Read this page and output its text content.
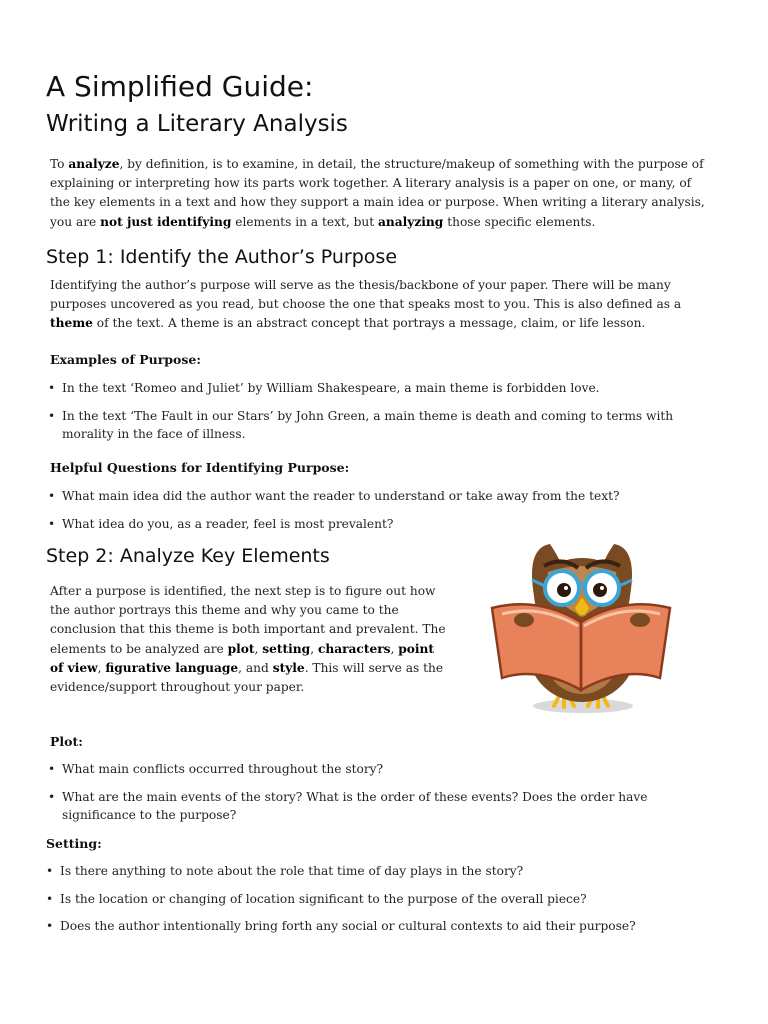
A Simplified Guide:
Writing a Literary Analysis

To analyze, by definition, is to examine, in detail, the structure/makeup of something with the purpose of explaining or interpreting how its parts work together. A literary analysis is a paper on one, or many, of the key elements in a text and how they support a main idea or purpose. When writing a literary analysis, you are not just identifying elements in a text, but analyzing those specific elements.

Step 1: Identify the Author’s Purpose

Identifying the author’s purpose will serve as the thesis/backbone of your paper. There will be many purposes uncovered as you read, but choose the one that speaks most to you. This is also defined as a theme of the text. A theme is an abstract concept that portrays a message, claim, or life lesson.

Examples of Purpose:
• In the text ‘Romeo and Juliet’ by William Shakespeare, a main theme is forbidden love.
• In the text ‘The Fault in our Stars’ by John Green, a main theme is death and coming to terms with morality in the face of illness.
Helpful Questions for Identifying Purpose:
• What main idea did the author want the reader to understand or take away from the text?
• What idea do you, as a reader, feel is most prevalent?
Step 2: Analyze Key Elements

After a purpose is identified, the next step is to figure out how the author portrays this theme and why you came to the conclusion that this theme is both important and prevalent. The elements to be analyzed are plot, setting, characters, point of view, figurative language, and style. This will serve as the evidence/support throughout your paper.

Plot:
• What main conflicts occurred throughout the story?
• What are the main events of the story? What is the order of these events? Does the order have significance to the purpose?
Setting:
• Is there anything to note about the role that time of day plays in the story?
• Is the location or changing of location significant to the purpose of the overall piece?
• Does the author intentionally bring forth any social or cultural contexts to aid their purpose?
